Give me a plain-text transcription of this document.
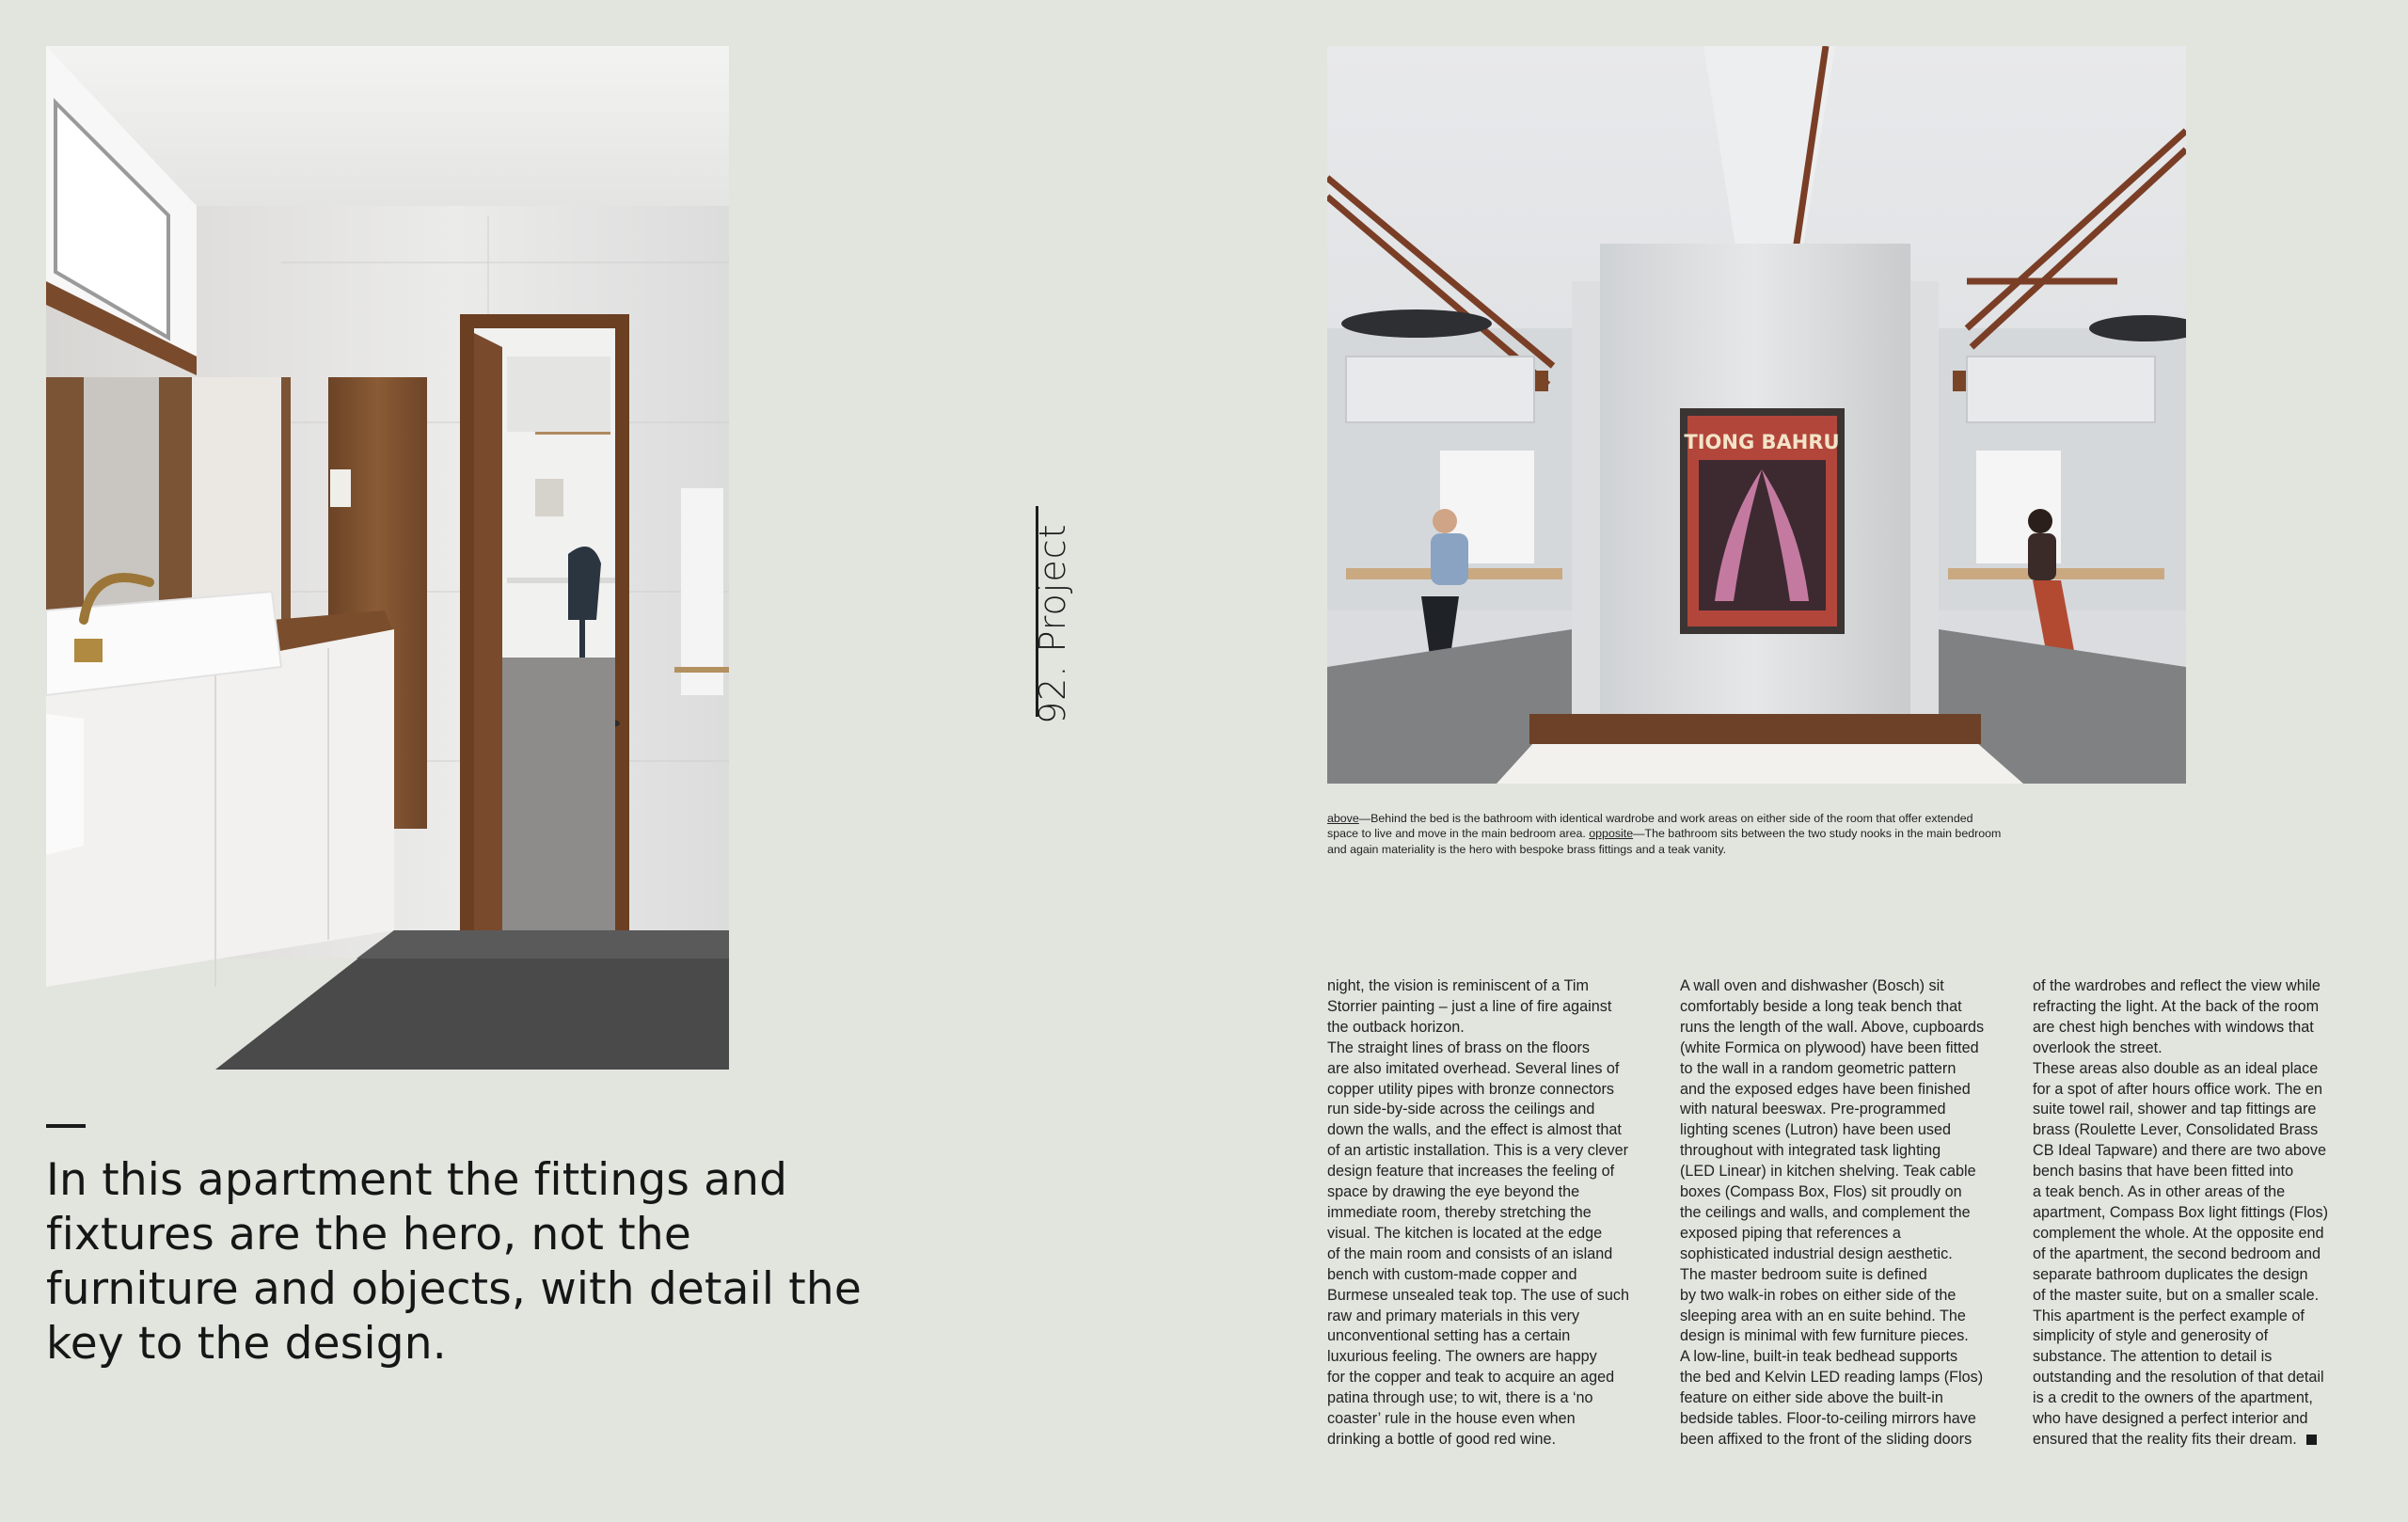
In this apartment the fittings and fixtures are the hero, not the furniture and objects, with detail the key to the design.

92. Project
TIONG BAHRU

above—Behind the bed is the bathroom with identical wardrobe and work areas on either side of the room that offer extended space to live and move in the main bedroom area. opposite—The bathroom sits between the two study nooks in the main bedroom and again materiality is the hero with bespoke brass fittings and a teak vanity.

night, the vision is reminiscent of a Tim
Storrier painting – just a line of fire against
the outback horizon.
The straight lines of brass on the floors
are also imitated overhead. Several lines of
copper utility pipes with bronze connectors
run side-by-side across the ceilings and
down the walls, and the effect is almost that
of an artistic installation. This is a very clever
design feature that increases the feeling of
space by drawing the eye beyond the
immediate room, thereby stretching the
visual. The kitchen is located at the edge
of the main room and consists of an island
bench with custom-made copper and
Burmese unsealed teak top. The use of such
raw and primary materials in this very
unconventional setting has a certain
luxurious feeling. The owners are happy
for the copper and teak to acquire an aged
patina through use; to wit, there is a ‘no
coaster’ rule in the house even when
drinking a bottle of good red wine.

A wall oven and dishwasher (Bosch) sit
comfortably beside a long teak bench that
runs the length of the wall. Above, cupboards
(white Formica on plywood) have been fitted
to the wall in a random geometric pattern
and the exposed edges have been finished
with natural beeswax. Pre-programmed
lighting scenes (Lutron) have been used
throughout with integrated task lighting
(LED Linear) in kitchen shelving. Teak cable
boxes (Compass Box, Flos) sit proudly on
the ceilings and walls, and complement the
exposed piping that references a
sophisticated industrial design aesthetic.
The master bedroom suite is defined
by two walk-in robes on either side of the
sleeping area with an en suite behind. The
design is minimal with few furniture pieces.
A low-line, built-in teak bedhead supports
the bed and Kelvin LED reading lamps (Flos)
feature on either side above the built-in
bedside tables. Floor-to-ceiling mirrors have
been affixed to the front of the sliding doors

of the wardrobes and reflect the view while
refracting the light. At the back of the room
are chest high benches with windows that
overlook the street.
These areas also double as an ideal place
for a spot of after hours office work. The en
suite towel rail, shower and tap fittings are
brass (Roulette Lever, Consolidated Brass
CB Ideal Tapware) and there are two above
bench basins that have been fitted into
a teak bench. As in other areas of the
apartment, Compass Box light fittings (Flos)
complement the whole. At the opposite end
of the apartment, the second bedroom and
separate bathroom duplicates the design
of the master suite, but on a smaller scale.
This apartment is the perfect example of
simplicity of style and generosity of
substance. The attention to detail is
outstanding and the resolution of that detail
is a credit to the owners of the apartment,
who have designed a perfect interior and
ensured that the reality fits their dream.
